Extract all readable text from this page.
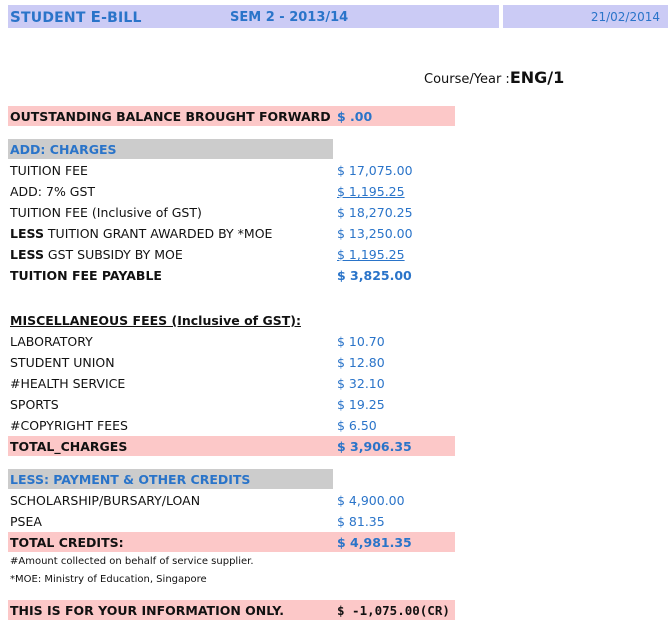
STUDENT E-BILL	SEM 2 - 2013/14	21/02/2014
Course/Year :ENG/1
OUTSTANDING BALANCE BROUGHT FORWARD $ .00
ADD: CHARGES
TUITION FEE	$ 17,075.00
ADD: 7% GST	$ 1,195.25
TUITION FEE (Inclusive of GST)	$ 18,270.25
LESS TUITION GRANT AWARDED BY *MOE	$ 13,250.00
LESS GST SUBSIDY BY MOE	$ 1,195.25
TUITION FEE PAYABLE	$ 3,825.00
MISCELLANEOUS FEES (Inclusive of GST):
LABORATORY	$ 10.70
STUDENT UNION	$ 12.80
#HEALTH SERVICE	$ 32.10
SPORTS	$ 19.25
#COPYRIGHT FEES	$ 6.50
TOTAL_CHARGES	$ 3,906.35
LESS: PAYMENT & OTHER CREDITS
SCHOLARSHIP/BURSARY/LOAN	$ 4,900.00
PSEA	$ 81.35
TOTAL CREDITS:	$ 4,981.35
#Amount collected on behalf of service supplier.
*MOE: Ministry of Education, Singapore
THIS IS FOR YOUR INFORMATION ONLY.	$ -1,075.00(CR)
